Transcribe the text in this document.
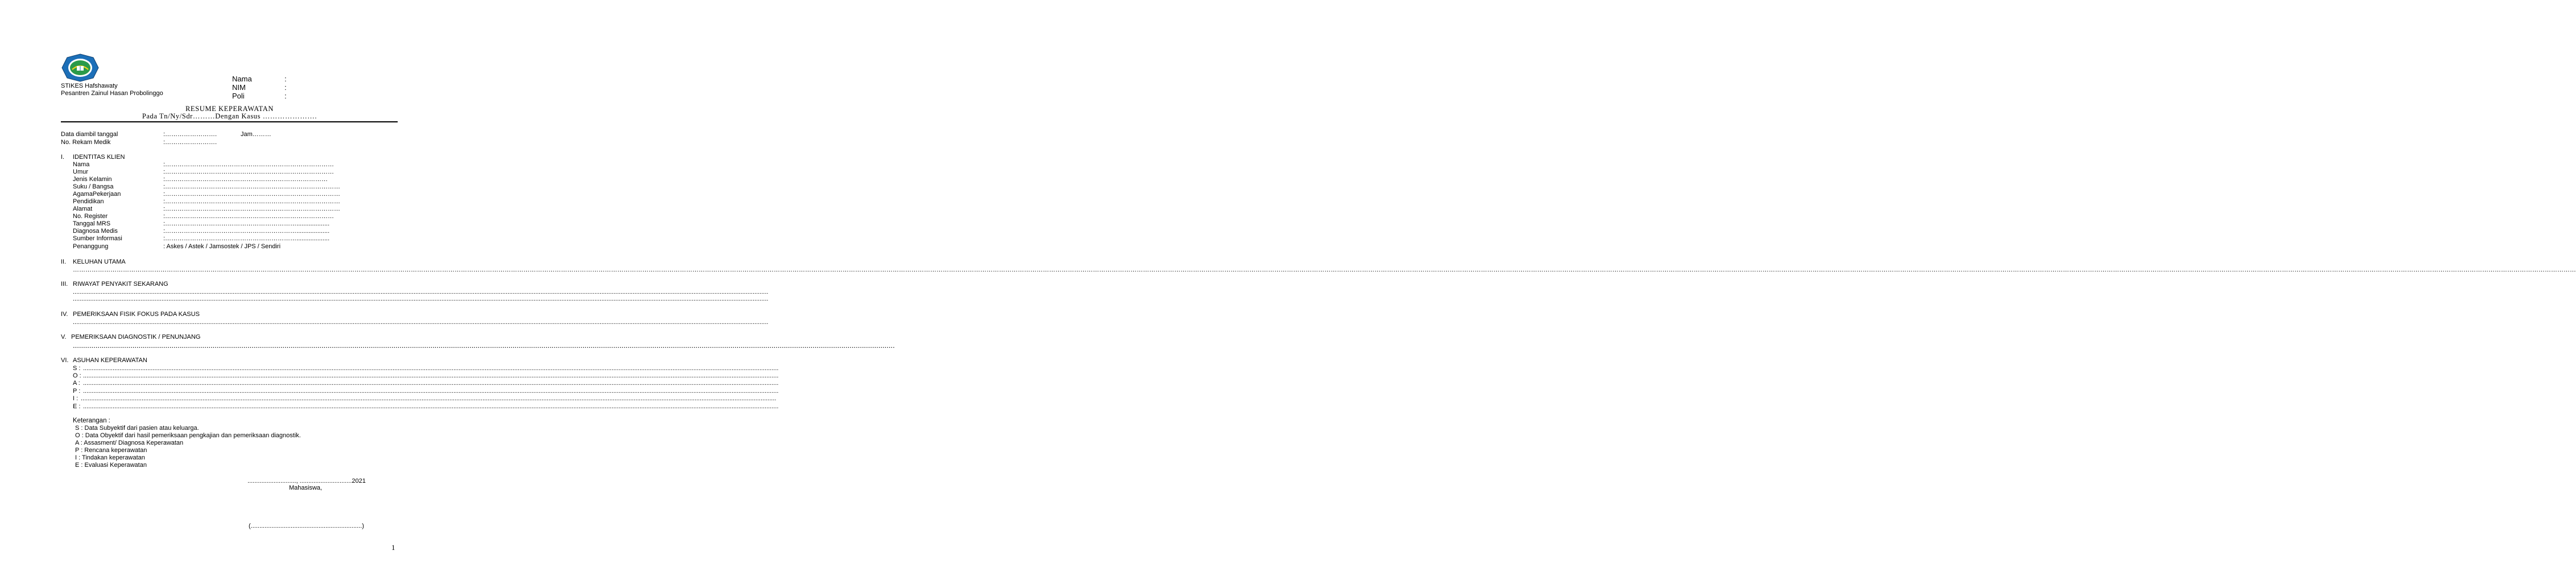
STIKES Hafshawaty
Pesantren Zainul Hasan Probolinggo
Nama	:
NIM	:
Poli	:
RESUME KEPERAWATAN
Pada Tn/Ny/Sdr………Dengan Kasus ………………….
Data diambil tanggal	:…………………….	Jam………
No. Rekam Medik	:…………………….
I. IDENTITAS KLIEN
Nama	:………………………………………………………………………
Umur	:………………………………………………………………………
Jenis Kelamin	:……………………………………………………………………
Suku / Bangsa	:…………………………………………………………………………
AgamaPekerjaan	:…………………………………………………………………………
Pendidikan	:…………………………………………………………………………
Alamat	:…………………………………………………………………………
No. Register	:………………………………………………………………………
Tanggal MRS	:………………………………………………………...................
Diagnosa Medis	:………………………………………………………...................
Sumber Informasi	:………………………………………………………...................
Penanggung	: Askes / Astek / Jamsostek / JPS / Sendiri
II. KELUHAN UTAMA
…………………………………………………………………………………………………………………………………………………………………………………………………………………………………………………………………………………………………………………………………………………………………………………………………………………………………………………………………………………………………………………………………………………………………………………………………………………………………………………………………………………………………………………………………………………………………………………………………………………………………………………………………………………………………………………………………………………………………………………………………………………………………………………………………………………………………………
III. RIWAYAT PENYAKIT SEKARANG
................................................................................................................................................................................................................................................................................................................................................................................................................
................................................................................................................................................................................................................................................................................................................................................................................................................
IV. PEMERIKSAAN FISIK FOKUS PADA KASUS
................................................................................................................................................................................................................................................................................................................................................................................................................
V. PEMERIKSAAN DIAGNOSTIK / PENUNJANG
................................................................................................................................................................................................................................................................................................................................................................................................................
VI. ASUHAN KEPERAWATAN
S : ................................................................................................................................................................................................................................................................................................................................................................................................................
O : ................................................................................................................................................................................................................................................................................................................................................................................................................
A : ................................................................................................................................................................................................................................................................................................................................................................................................................
P : ................................................................................................................................................................................................................................................................................................................................................................................................................
I : ................................................................................................................................................................................................................................................................................................................................................................................................................
E : ................................................................................................................................................................................................................................................................................................................................................................................................................
Keterangan :
S : Data Subyektif dari pasien atau keluarga.
O : Data Obyektif dari hasil pemeriksaan pengkajian dan pemeriksaan diagnostik.
A : Assasment/ Diagnosa Keperawatan
P : Rencana keperawatan
I : Tindakan keperawatan
E : Evaluasi Keperawatan
............................, ..............................2021
Mahasiswa,
(................................................................)
1
